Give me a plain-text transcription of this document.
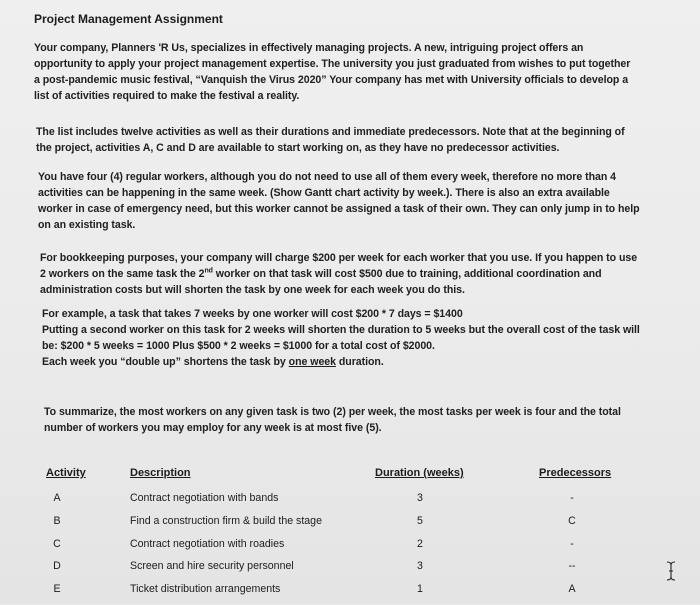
Project Management Assignment
Your company, Planners 'R Us, specializes in effectively managing projects. A new, intriguing project offers an
opportunity to apply your project management expertise. The university you just graduated from wishes to put together
a post-pandemic music festival, “Vanquish the Virus 2020” Your company has met with University officials to develop a
list of activities required to make the festival a reality.
The list includes twelve activities as well as their durations and immediate predecessors. Note that at the beginning of
the project, activities A, C and D are available to start working on, as they have no predecessor activities.
You have four (4) regular workers, although you do not need to use all of them every week, therefore no more than 4
activities can be happening in the same week. (Show Gantt chart activity by week.). There is also an extra available
worker in case of emergency need, but this worker cannot be assigned a task of their own. They can only jump in to help
on an existing task.
For bookkeeping purposes, your company will charge $200 per week for each worker that you use. If you happen to use
2 workers on the same task the 2nd worker on that task will cost $500 due to training, additional coordination and
administration costs but will shorten the task by one week for each week you do this.
For example, a task that takes 7 weeks by one worker will cost $200 * 7 days = $1400
Putting a second worker on this task for 2 weeks will shorten the duration to 5 weeks but the overall cost of the task will
be: $200 * 5 weeks = 1000 Plus $500 * 2 weeks = $1000 for a total cost of $2000.
Each week you “double up” shortens the task by one week duration.
To summarize, the most workers on any given task is two (2) per week, the most tasks per week is four and the total
number of workers you may employ for any week is at most five (5).
Activity	Description	Duration (weeks)	Predecessors
A	Contract negotiation with bands	3	-
B	Find a construction firm & build the stage	5	C
C	Contract negotiation with roadies	2	-
D	Screen and hire security personnel	3	--
E	Ticket distribution arrangements	1	A
